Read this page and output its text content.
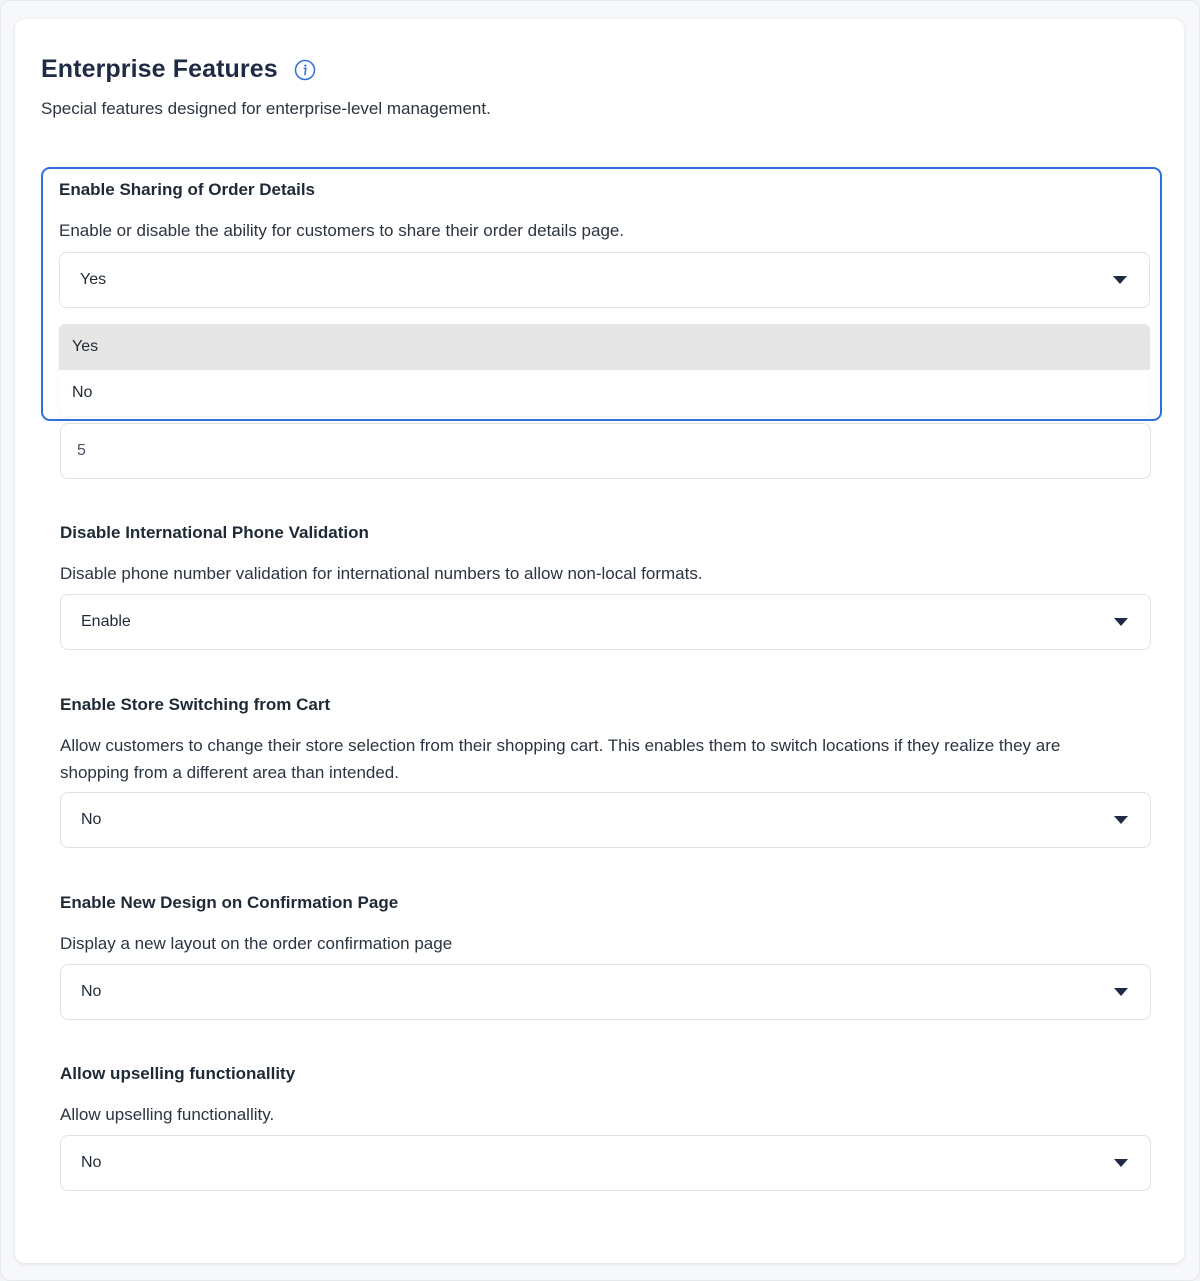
Enterprise Features

Special features designed for enterprise-level management.

Enable Sharing of Order Details
Enable or disable the ability for customers to share their order details page.
Yes
Yes
No
5
Disable International Phone Validation
Disable phone number validation for international numbers to allow non-local formats.
Enable
Enable Store Switching from Cart
Allow customers to change their store selection from their shopping cart. This enables them to switch locations if they realize they are shopping from a different area than intended.
No
Enable New Design on Confirmation Page
Display a new layout on the order confirmation page
No
Allow upselling functionallity
Allow upselling functionallity.
No
